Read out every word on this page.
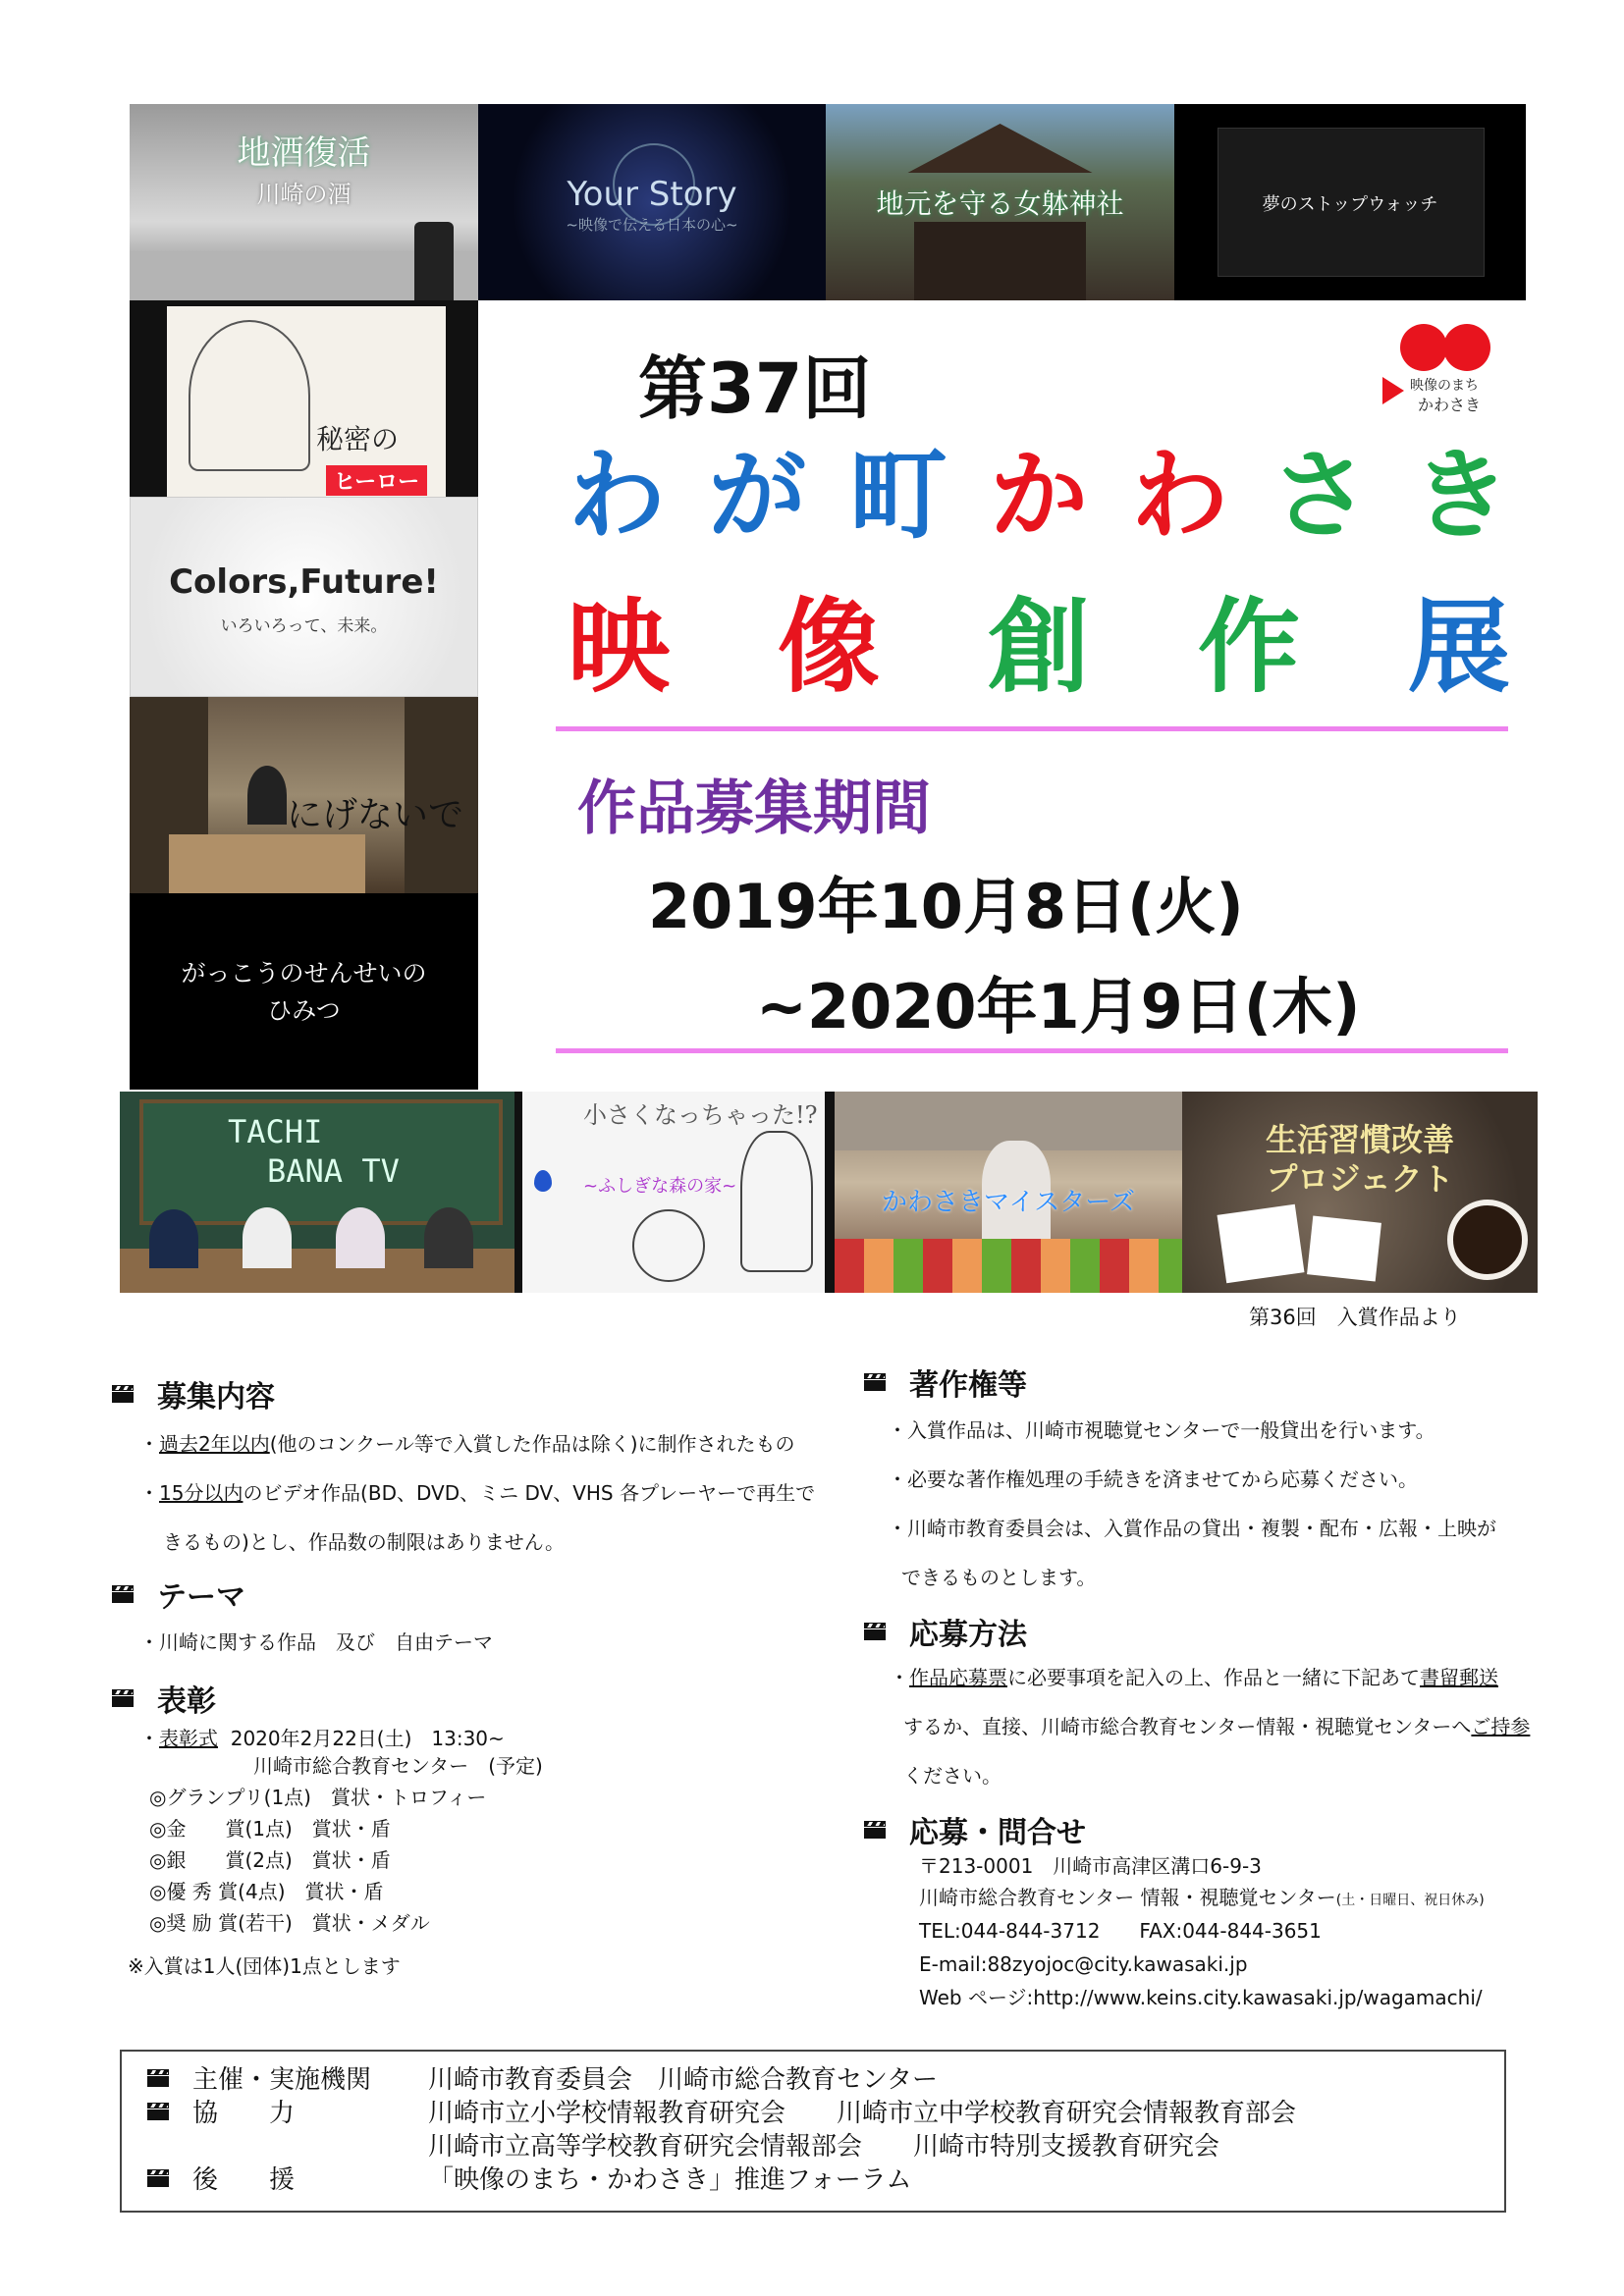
地酒復活
川崎の酒	Your Story
~映像で伝える日本の心~
地元を守る女躰神社	夢のストップウォッチ
秘密の
ヒーロー
Colors,Future!
いろいろって、未来。
にげないで
がっこうのせんせいの
ひみつ
TACHI
BANA TV
小さくなっちゃった!?
~ふしぎな森の家~
かわさきマイスターズ
生活習慣改善
プロジェクト
第37回	映像のまち
かわさき
わ が 町 か わ さ き
映 像 創 作 展
作品募集期間
2019年10月8日(火)
~2020年1月9日(木)
第36回　入賞作品より
募集内容
・過去2年以内(他のコンクール等で入賞した作品は除く)に制作されたもの
・15分以内のビデオ作品(BD、DVD、ミニ DV、VHS 各プレーヤーで再生で
きるもの)とし、作品数の制限はありません。
テーマ
・川崎に関する作品　及び　自由テーマ
表彰
・表彰式 2020年2月22日(土)　13:30~
川崎市総合教育センター　(予定)
◎グランプリ(1点)　賞状・トロフィー
◎金　　賞(1点)　賞状・盾
◎銀　　賞(2点)　賞状・盾
◎優 秀 賞(4点)　賞状・盾
◎奨 励 賞(若干)　賞状・メダル
※入賞は1人(団体)1点とします
著作権等
・入賞作品は、川崎市視聴覚センターで一般貸出を行います。
・必要な著作権処理の手続きを済ませてから応募ください。
・川崎市教育委員会は、入賞作品の貸出・複製・配布・広報・上映が
できるものとします。
応募方法
・作品応募票に必要事項を記入の上、作品と一緒に下記あて書留郵送
するか、直接、川崎市総合教育センター情報・視聴覚センターへご持参
ください。
応募・問合せ
〒213-0001　川崎市高津区溝口6-9-3
川崎市総合教育センター 情報・視聴覚センター(土・日曜日、祝日休み)
TEL:044-844-3712　　FAX:044-844-3651
E-mail:88zyojoc@city.kawasaki.jp
Web ページ:http://www.keins.city.kawasaki.jp/wagamachi/
主催・実施機関	川崎市教育委員会　川崎市総合教育センター
協　　力	川崎市立小学校情報教育研究会　　川崎市立中学校教育研究会情報教育部会
川崎市立高等学校教育研究会情報部会　　川崎市特別支援教育研究会
後　　援	「映像のまち・かわさき」推進フォーラム
